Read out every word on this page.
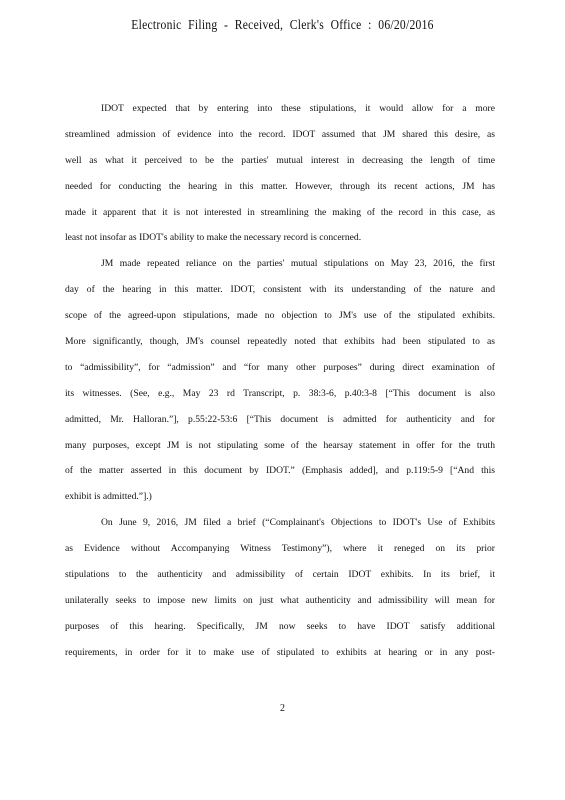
Electronic Filing - Received, Clerk's Office : 06/20/2016
IDOT expected that by entering into these stipulations, it would allow for a more
streamlined admission of evidence into the record. IDOT assumed that JM shared this desire, as
well as what it perceived to be the parties' mutual interest in decreasing the length of time
needed for conducting the hearing in this matter. However, through its recent actions, JM has
made it apparent that it is not interested in streamlining the making of the record in this case, as
least not insofar as IDOT's ability to make the necessary record is concerned.
JM made repeated reliance on the parties' mutual stipulations on May 23, 2016, the first
day of the hearing in this matter. IDOT, consistent with its understanding of the nature and
scope of the agreed-upon stipulations, made no objection to JM's use of the stipulated exhibits.
More significantly, though, JM's counsel repeatedly noted that exhibits had been stipulated to as
to “admissibility”, for “admission” and “for many other purposes” during direct examination of
its witnesses. (See, e.g., May 23 rd Transcript, p. 38:3-6, p.40:3-8 [“This document is also
admitted, Mr. Halloran.”], p.55:22-53:6 [“This document is admitted for authenticity and for
many purposes, except JM is not stipulating some of the hearsay statement in offer for the truth
of the matter asserted in this document by IDOT.” (Emphasis added], and p.119:5-9 [“And this
exhibit is admitted.”].)
On June 9, 2016, JM filed a brief (“Complainant's Objections to IDOT's Use of Exhibits
as Evidence without Accompanying Witness Testimony”), where it reneged on its prior
stipulations to the authenticity and admissibility of certain IDOT exhibits. In its brief, it
unilaterally seeks to impose new limits on just what authenticity and admissibility will mean for
purposes of this hearing. Specifically, JM now seeks to have IDOT satisfy additional
requirements, in order for it to make use of stipulated to exhibits at hearing or in any post-
2
